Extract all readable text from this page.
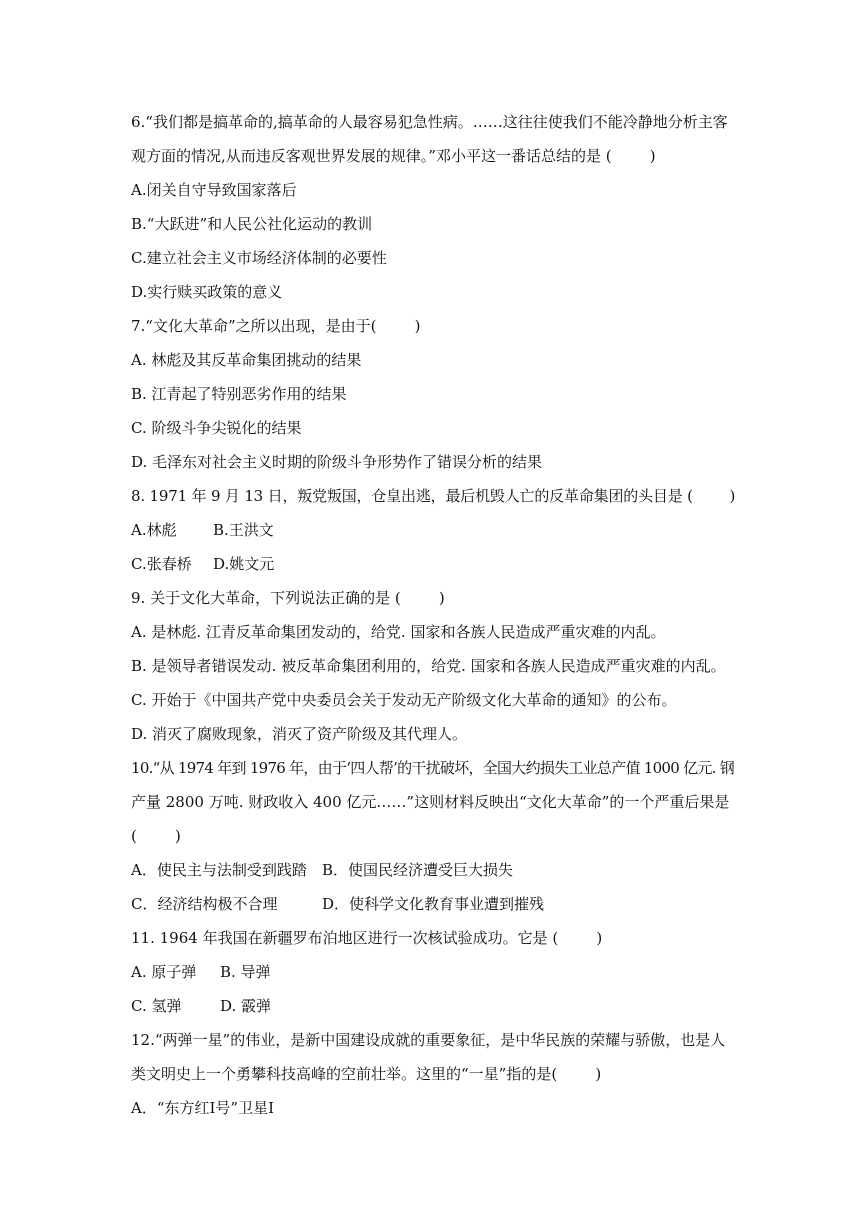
6.“我们都是搞革命的,搞革命的人最容易犯急性病。……这往往使我们不能冷静地分析主客
观方面的情况,从而违反客观世界发展的规律。”邓小平这一番话总结的是 (        )
A.闭关自守导致国家落后
B.“大跃进”和人民公社化运动的教训
C.建立社会主义市场经济体制的必要性
D.实行赎买政策的意义
7.“文化大革命”之所以出现，是由于(        )
A. 林彪及其反革命集团挑动的结果
B. 江青起了特别恶劣作用的结果
C. 阶级斗争尖锐化的结果
D. 毛泽东对社会主义时期的阶级斗争形势作了错误分析的结果
8. 1971 年 9 月 13 日，叛党叛国，仓皇出逃，最后机毁人亡的反革命集团的头目是 (        )
A.林彪 B.王洪文
C.张春桥 D.姚文元
9. 关于文化大革命，下列说法正确的是 (        )
A. 是林彪. 江青反革命集团发动的，给党. 国家和各族人民造成严重灾难的内乱。
B. 是领导者错误发动. 被反革命集团利用的，给党. 国家和各族人民造成严重灾难的内乱。
C. 开始于《中国共产党中央委员会关于发动无产阶级文化大革命的通知》的公布。
D. 消灭了腐败现象，消灭了资产阶级及其代理人。
10.“从 1974 年到 1976 年，由于‘四人帮’的干扰破坏，全国大约损失工业总产值 1000 亿元. 钢
产量 2800 万吨. 财政收入 400 亿元……”这则材料反映出“文化大革命”的一个严重后果是
(        )
A．使民主与法制受到践踏 B．使国民经济遭受巨大损失
C．经济结构极不合理	D．使科学文化教育事业遭到摧残
11. 1964 年我国在新疆罗布泊地区进行一次核试验成功。它是 (        )
A. 原子弹 B. 导弹
C. 氢弹	D. 霰弹
12.“两弹一星”的伟业，是新中国建设成就的重要象征，是中华民族的荣耀与骄傲，也是人
类文明史上一个勇攀科技高峰的空前壮举。这里的“一星”指的是(        )
A．“东方红Ⅰ号”卫星Ⅰ
